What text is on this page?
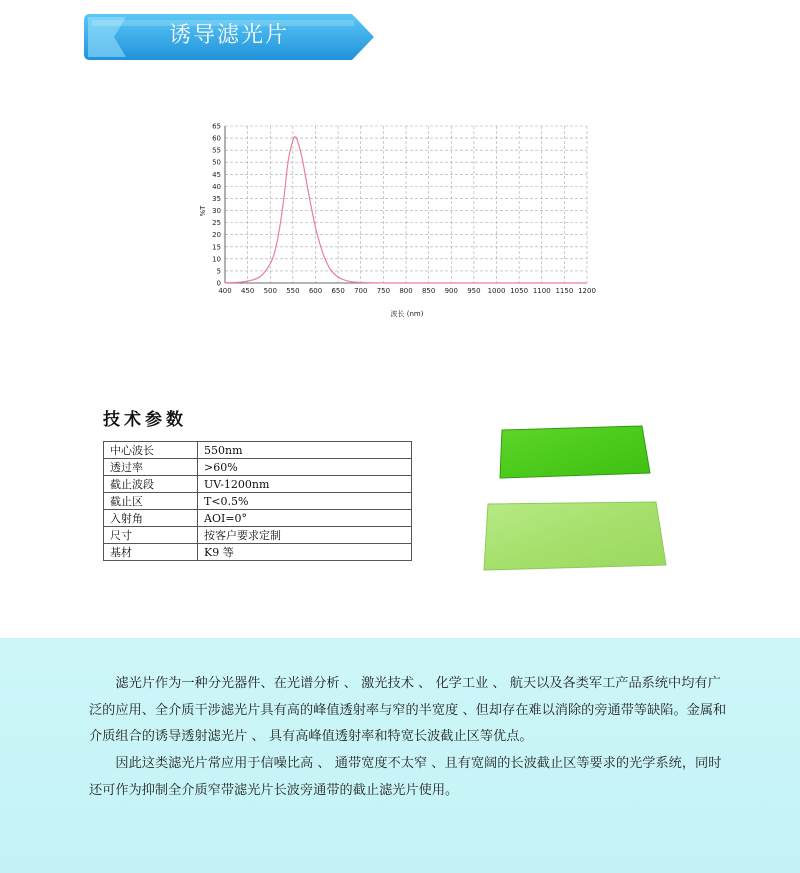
诱导滤光片
400 450 500 550 600 650 700 750 800 850 900 950 1000 1050 1100 1150 1200
0
5
10
15
20
25
30
35
40
45
50
55
60
65
波长 (nm)
%T
技术参数
中心波长	550nm
透过率	>60%
截止波段	UV-1200nm
截止区	T<0.5%
入射角	AOI=0°
尺寸	按客户要求定制
基材	K9 等

滤光片作为一种分光器件、在光谱分析 、 激光技术 、 化学工业 、 航天以及各类军工产品系统中均有广泛的应用、全介质干涉滤光片具有高的峰值透射率与窄的半宽度 、但却存在难以消除的旁通带等缺陷。金属和介质组合的诱导透射滤光片 、 具有高峰值透射率和特宽长波截止区等优点。

因此这类滤光片常应用于信噪比高 、 通带宽度不太窄 、且有宽阔的长波截止区等要求的光学系统，同时还可作为抑制全介质窄带滤光片长波旁通带的截止滤光片使用。
